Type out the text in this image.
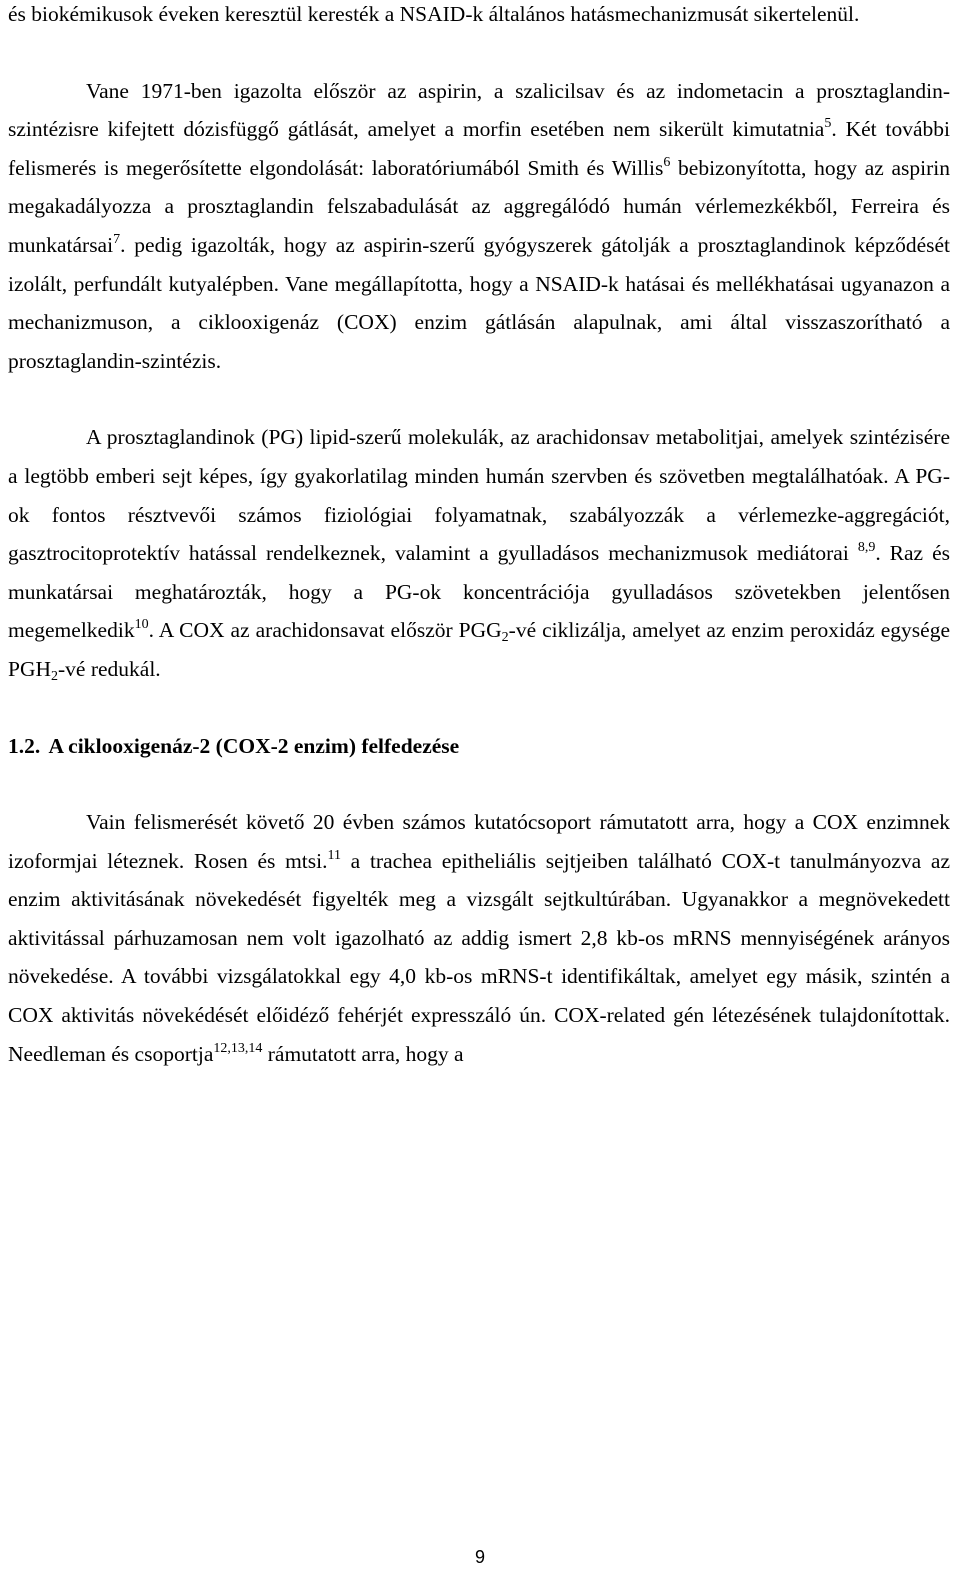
és biokémikusok éveken keresztül keresték a NSAID-k általános hatásmechanizmusát sikertelenül.

Vane 1971-ben igazolta először az aspirin, a szalicilsav és az indometacin a prosztaglandin-szintézisre kifejtett dózisfüggő gátlását, amelyet a morfin esetében nem sikerült kimutatnia$^5$. Két további felismerés is megerősítette elgondolását: laboratóriumából Smith és Willis$^6$ bebizonyította, hogy az aspirin megakadályozza a prosztaglandin felszabadulását az aggregálódó humán vérlemezkékből, Ferreira és munkatársai$^7$. pedig igazolták, hogy az aspirin-szerű gyógyszerek gátolják a prosztaglandinok képződését izolált, perfundált kutyalépben. Vane megállapította, hogy a NSAID-k hatásai és mellékhatásai ugyanazon a mechanizmuson, a ciklooxigenáz (COX) enzim gátlásán alapulnak, ami által visszaszorítható a prosztaglandin-szintézis.

A prosztaglandinok (PG) lipid-szerű molekulák, az arachidonsav metabolitjai, amelyek szintézisére a legtöbb emberi sejt képes, így gyakorlatilag minden humán szervben és szövetben megtalálhatóak. A PG-ok fontos résztvevői számos fiziológiai folyamatnak, szabályozzák a vérlemezke-aggregációt, gasztrocitoprotektív hatással rendelkeznek, valamint a gyulladásos mechanizmusok mediátorai $^{8,9}$. Raz és munkatársai meghatározták, hogy a PG-ok koncentrációja gyulladásos szövetekben jelentősen megemelkedik$^{10}$. A COX az arachidonsavat először $PGG_2-vé$ ciklizálja, amelyet az enzim peroxidáz egysége $PGH_2-vé$ redukál.

1.2. A ciklooxigenáz-2 (COX-2 enzim) felfedezése

Vain felismerését követő 20 évben számos kutatócsoport rámutatott arra, hogy a COX enzimnek izoformjai léteznek. Rosen és mtsi.$^{11}$ a trachea epitheliális sejtjeiben található COX-t tanulmányozva az enzim aktivitásának növekedését figyelték meg a vizsgált sejtkultúrában. Ugyanakkor a megnövekedett aktivitással párhuzamosan nem volt igazolható az addig ismert 2,8 kb-os mRNS mennyiségének arányos növekedése. A további vizsgálatokkal egy 4,0 kb-os mRNS-t identifikáltak, amelyet egy másik, szintén a COX aktivitás növekédését előidéző fehérjét expresszáló ún. COX-related gén létezésének tulajdonítottak. Needleman és csoportja$^{12,13,14}$ rámutatott arra, hogy a

9
